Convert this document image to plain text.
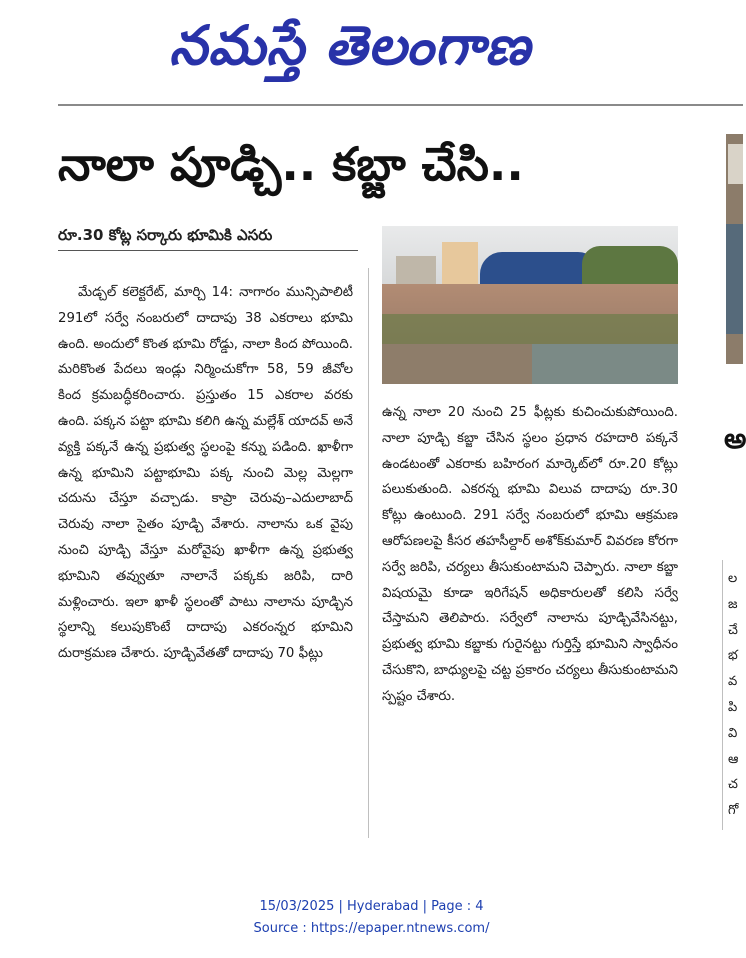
నమస్తే తెలంగాణ
నాలా పూడ్చి.. కబ్జా చేసి..
రూ.30 కోట్ల సర్కారు భూమికి ఎసరు

మేడ్చల్ కలెక్టరేట్, మార్చి 14: నాగారం మున్సిపాలిటీ 291లో సర్వే నంబరులో దాదాపు 38 ఎకరాలు భూమి ఉంది. అందులో కొంత భూమి రోడ్డు, నాలా కింద పోయింది. మరికొంత పేదలు ఇండ్లు నిర్మించుకోగా 58, 59 జీవోల కింద క్రమబద్ధీకరించారు. ప్రస్తుతం 15 ఎకరాల వరకు ఉంది. పక్కన పట్టా భూమి కలిగి ఉన్న మల్లేశ్ యాదవ్ అనే వ్యక్తి పక్కనే ఉన్న ప్రభుత్వ స్థలంపై కన్ను పడింది. ఖాళీగా ఉన్న భూమిని పట్టాభూమి పక్క నుంచి మెల్ల మెల్లగా చదును చేస్తూ వచ్చాడు. కాప్రా చెరువు–ఎదులాబాద్ చెరువు నాలా సైతం పూడ్చి వేశారు. నాలాను ఒక వైపు నుంచి పూడ్చి వేస్తూ మరోవైపు ఖాళీగా ఉన్న ప్రభుత్వ భూమిని తవ్వుతూ నాలానే పక్కకు జరిపి, దారి మళ్లించారు. ఇలా ఖాళీ స్థలంతో పాటు నాలాను పూడ్చిన స్థలాన్ని కలుపుకొంటే దాదాపు ఎకరంన్నర భూమిని దురాక్రమణ చేశారు. పూడ్చివేతతో దాదాపు 70 ఫీట్లు

ఉన్న నాలా 20 నుంచి 25 ఫీట్లకు కుచించుకుపోయింది. నాలా పూడ్చి కబ్జా చేసిన స్థలం ప్రధాన రహదారి పక్కనే ఉండటంతో ఎకరాకు బహిరంగ మార్కెట్‌లో రూ.20 కోట్లు పలుకుతుంది. ఎకరన్న భూమి విలువ దాదాపు రూ.30 కోట్లు ఉంటుంది. 291 సర్వే నంబరులో భూమి ఆక్రమణ ఆరోపణలపై కీసర తహసీల్దార్ అశోక్‌కుమార్ వివరణ కోరగా సర్వే జరిపి, చర్యలు తీసుకుంటామని చెప్పారు. నాలా కబ్జా విషయమై కూడా ఇరిగేషన్ అధికారులతో కలిసి సర్వే చేస్తామని తెలిపారు. సర్వేలో నాలాను పూడ్చివేసినట్టు, ప్రభుత్వ భూమి కబ్జాకు గురైనట్టు గుర్తిస్తే భూమిని స్వాధీనం చేసుకొని, బాధ్యులపై చట్ట ప్రకారం చర్యలు తీసుకుంటామని స్పష్టం చేశారు.

అ
ల
జ
చే
భ
వ
పి
వి
ఆ
చ
గో
15/03/2025 | Hyderabad | Page : 4
Source : https://epaper.ntnews.com/
